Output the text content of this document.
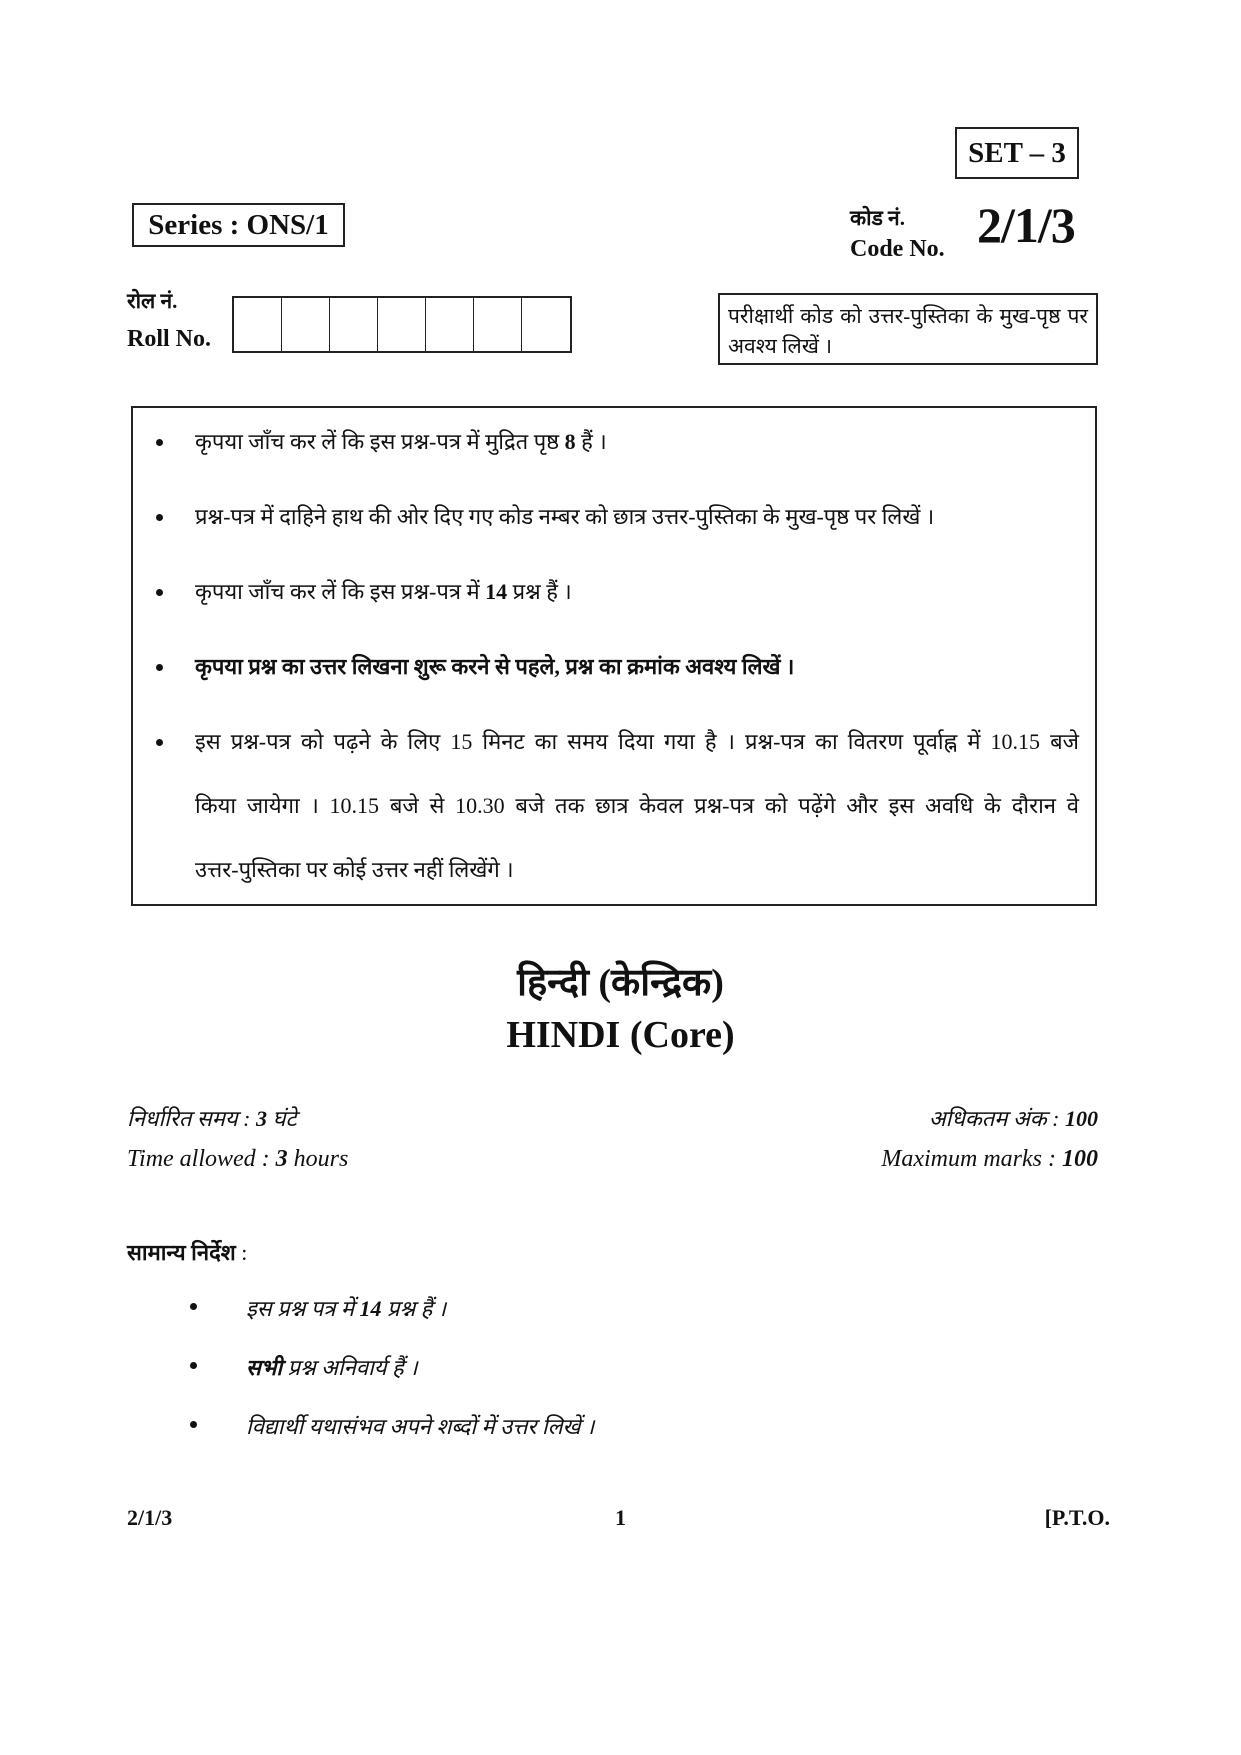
SET – 3
Series : ONS/1	कोड नं.
Code No. 2/1/3
रोल नं.
Roll No.
परीक्षार्थी कोड को उत्तर-पुस्तिका के मुख-पृष्ठ पर अवश्य लिखें ।
कृपया जाँच कर लें कि इस प्रश्न-पत्र में मुद्रित पृष्ठ 8 हैं ।
प्रश्न-पत्र में दाहिने हाथ की ओर दिए गए कोड नम्बर को छात्र उत्तर-पुस्तिका के मुख-पृष्ठ पर लिखें ।
कृपया जाँच कर लें कि इस प्रश्न-पत्र में 14 प्रश्न हैं ।
कृपया प्रश्न का उत्तर लिखना शुरू करने से पहले, प्रश्न का क्रमांक अवश्य लिखें ।
इस प्रश्न-पत्र को पढ़ने के लिए 15 मिनट का समय दिया गया है । प्रश्न-पत्र का वितरण पूर्वाह्न में 10.15 बजे
किया जायेगा । 10.15 बजे से 10.30 बजे तक छात्र केवल प्रश्न-पत्र को पढ़ेंगे और इस अवधि के दौरान वे
उत्तर-पुस्तिका पर कोई उत्तर नहीं लिखेंगे ।
हिन्दी (केन्द्रिक)
HINDI (Core)
निर्धारित समय : 3 घंटे
Time allowed : 3 hours
अधिकतम अंक : 100
Maximum marks : 100
सामान्य निर्देश :
इस प्रश्न पत्र में 14 प्रश्न हैं ।
सभी प्रश्न अनिवार्य हैं ।
विद्यार्थी यथासंभव अपने शब्दों में उत्तर लिखें ।
2/1/3	1	[P.T.O.
